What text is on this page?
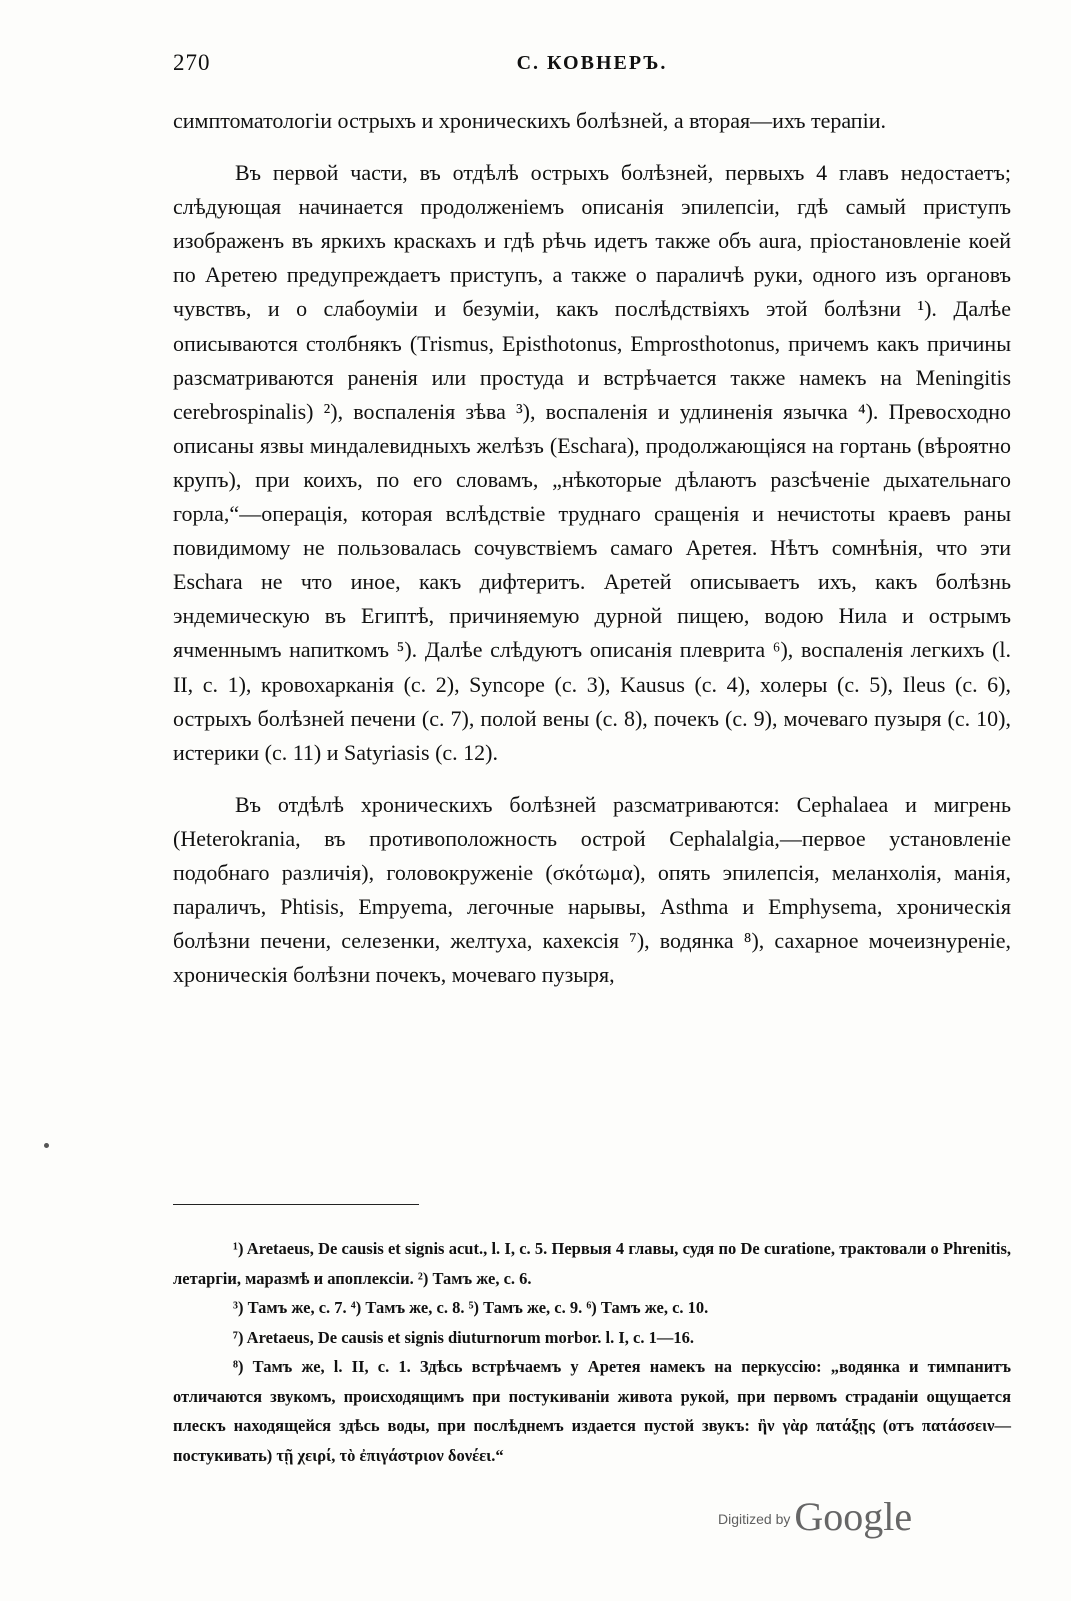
270	С. КОВНЕРЪ.

симптоматологiи острыхъ и хроническихъ болѣзней, а вторая—ихъ терапiи.

Въ первой части, въ отдѣлѣ острыхъ болѣзней, первыхъ 4 главъ недостаетъ; слѣдующая начинается продолженiемъ описанiя эпилепсiи, гдѣ самый приступъ изображенъ въ яркихъ краскахъ и гдѣ рѣчь идетъ также объ aura, прiостановленiе коей по Аретею предупреждаетъ приступъ, а также о параличѣ руки, одного изъ органовъ чувствъ, и о слабоумiи и безумiи, какъ послѣдствiяхъ этой болѣзни ¹). Далѣе описываются столбнякъ (Trismus, Episthotonus, Emprosthotonus, причемъ какъ причины разсматриваются раненiя или простуда и встрѣчается также намекъ на Meningitis cerebrospinalis) ²), воспаленiя зѣва ³), воспаленiя и удлиненiя язычка ⁴). Превосходно описаны язвы миндалевидныхъ желѣзъ (Eschara), продолжающiяся на гортань (вѣроятно крупъ), при коихъ, по его словамъ, „нѣкоторые дѣлаютъ разсѣченiе дыхательнаго горла,“—операцiя, которая вслѣдствiе труднаго сращенiя и нечистоты краевъ раны повидимому не пользовалась сочувствiемъ самаго Аретея. Нѣтъ сомнѣнiя, что эти Eschara не что иное, какъ дифтеритъ. Аретей описываетъ ихъ, какъ болѣзнь эндемическую въ Египтѣ, причиняемую дурной пищею, водою Нила и острымъ ячменнымъ напиткомъ ⁵). Далѣе слѣдуютъ описанiя плеврита ⁶), воспаленiя легкихъ (l. II, с. 1), кровохарканiя (с. 2), Syncope (с. 3), Kausus (с. 4), холеры (с. 5), Ileus (с. 6), острыхъ болѣзней печени (с. 7), полой вены (с. 8), почекъ (с. 9), мочеваго пузыря (с. 10), истерики (с. 11) и Satyriasis (с. 12).

Въ отдѣлѣ хроническихъ болѣзней разсматриваются: Cephalaea и мигрень (Heterokrania, въ противоположность острой Cephalalgia,—первое установленiе подобнаго различiя), головокруженiе (σκότωμα), опять эпилепсiя, меланхолiя, манiя, параличъ, Phtisis, Empyema, легочные нарывы, Asthma и Emphysema, хроническiя болѣзни печени, селезенки, желтуха, кахексiя ⁷), водянка ⁸), сахарное мочеизнуренiе, хроническiя болѣзни почекъ, мочеваго пузыря,

¹) Aretaeus, De causis et signis acut., l. I, c. 5. Первыя 4 главы, судя по De curatione, трактовали о Phrenitis, летаргiи, маразмѣ и апоплексiи. ²) Тамъ же, с. 6.

³) Тамъ же, с. 7. ⁴) Тамъ же, с. 8. ⁵) Тамъ же, с. 9. ⁶) Тамъ же, с. 10.

⁷) Aretaeus, De causis et signis diuturnorum morbor. l. I, c. 1—16.

⁸) Тамъ же, l. II, с. 1. Здѣсь встрѣчаемъ у Аретея намекъ на перкуссiю: „водянка и тимпанитъ отличаются звукомъ, происходящимъ при постукиванiи живота рукой, при первомъ страданiи ощущается плескъ находящейся здѣсь воды, при послѣднемъ издается пустой звукъ: ἢν γὰρ πατάξῃς (отъ πατάσσειν—постукивать) τῇ χειρί, τὸ ἐπιγάστριον δονέει.“

Digitized by Google
